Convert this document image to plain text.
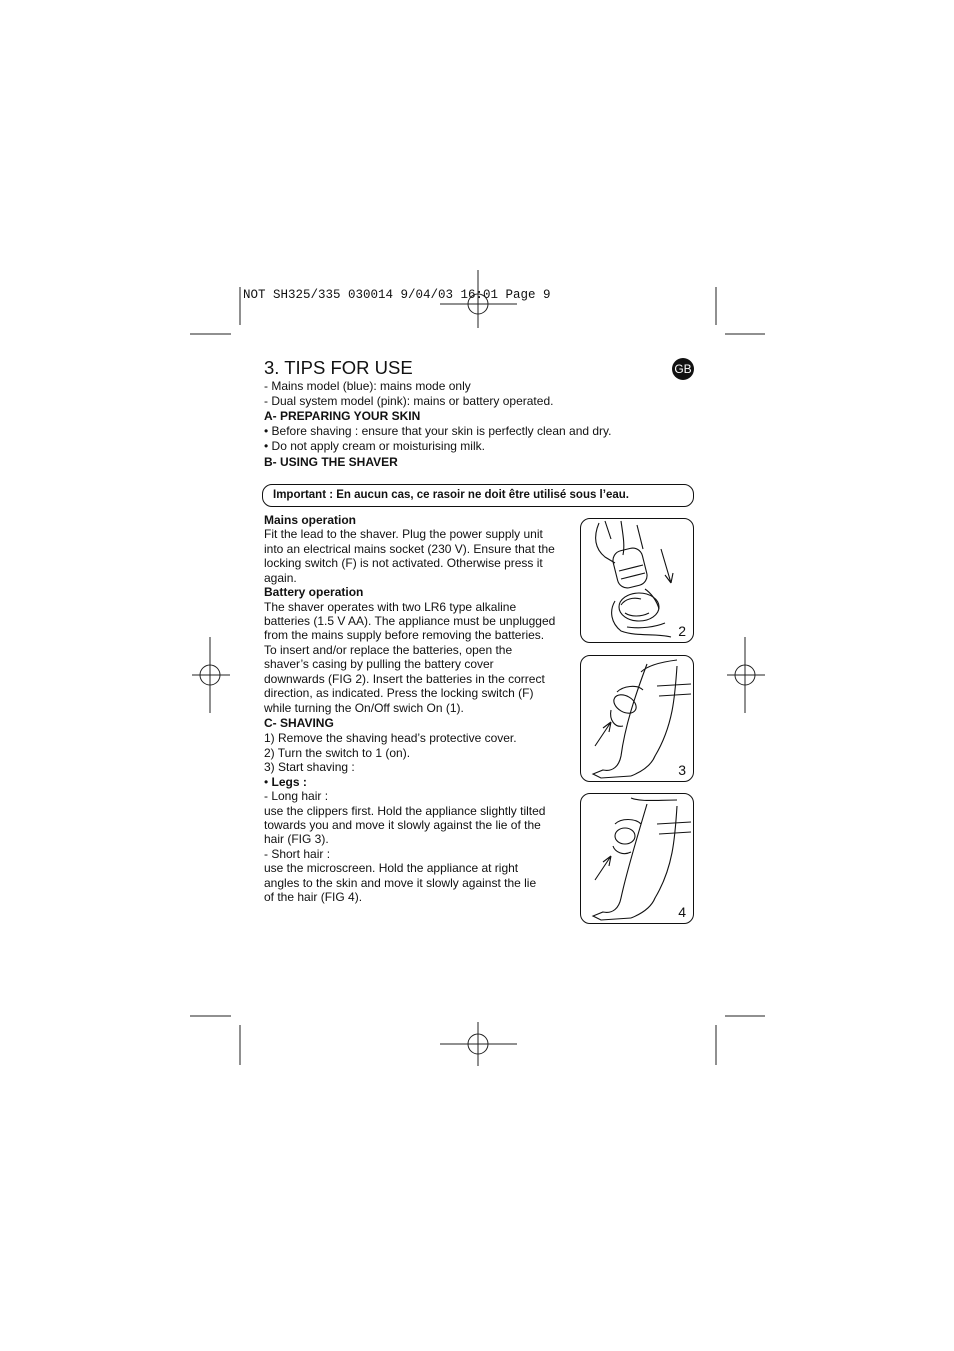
NOT SH325/335 030014 9/04/03 16:01 Page 9
3. TIPS FOR USE	GB
- Mains model (blue): mains mode only
- Dual system model (pink): mains or battery operated.
A- PREPARING YOUR SKIN
• Before shaving : ensure that your skin is perfectly clean and dry.
• Do not apply cream or moisturising milk.
B- USING THE SHAVER
Important : En aucun cas, ce rasoir ne doit être utilisé sous l’eau.
Mains operation
Fit the lead to the shaver. Plug the power supply unit
into an electrical mains socket (230 V). Ensure that the
locking switch (F) is not activated. Otherwise press it
again.
Battery operation
The shaver operates with two LR6 type alkaline
batteries (1.5 V AA). The appliance must be unplugged
from the mains supply before removing the batteries.
To insert and/or replace the batteries, open the
shaver’s casing by pulling the battery cover
downwards (FIG 2). Insert the batteries in the correct
direction, as indicated. Press the locking switch (F)
while turning the On/Off swich On (1).
C- SHAVING
1) Remove the shaving head’s protective cover.
2) Turn the switch to 1 (on).
3) Start shaving :
• Legs :
- Long hair :
use the clippers first. Hold the appliance slightly tilted
towards you and move it slowly against the lie of the
hair (FIG 3).
- Short hair :
use the microscreen. Hold the appliance at right
angles to the skin and move it slowly against the lie
of the hair (FIG 4).
2
3
4
